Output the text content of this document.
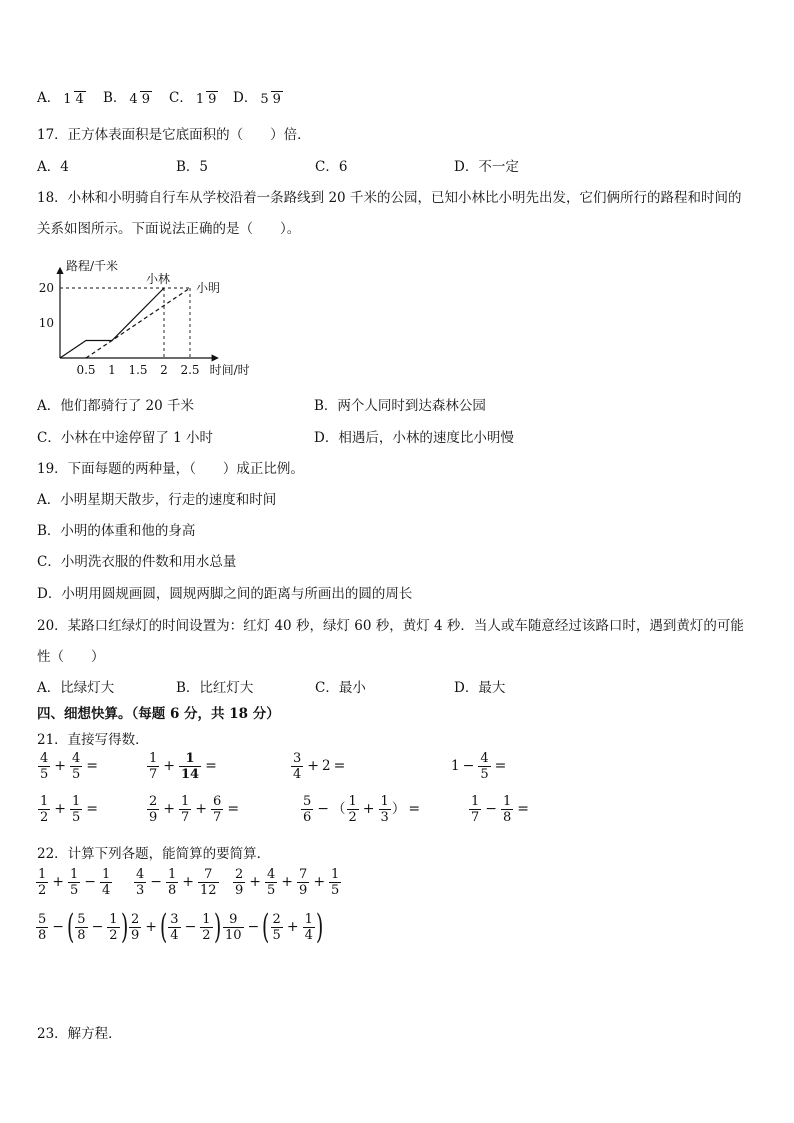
A． 1 4	B． 4 9	C． 1 9	D． 5 9
17．正方体表面积是它底面积的（　　）倍．
A．4	B．5	C．6	D．不一定
18．小林和小明骑自行车从学校沿着一条路线到 20 千米的公园，已知小林比小明先出发，它们俩所行的路程和时间的
关系如图所示。下面说法正确的是（　　）。
路程/千米
时间/时
0.5 1 1.5 2 2.5
10
20
小林
小明
A．他们都骑行了 20 千米	B．两个人同时到达森林公园
C．小林在中途停留了 1 小时	D．相遇后，小林的速度比小明慢
19．下面每题的两种量，（　　）成正比例。
A．小明星期天散步，行走的速度和时间
B．小明的体重和他的身高
C．小明洗衣服的件数和用水总量
D．小明用圆规画圆，圆规两脚之间的距离与所画出的圆的周长
20．某路口红绿灯的时间设置为：红灯 40 秒，绿灯 60 秒，黄灯 4 秒．当人或车随意经过该路口时，遇到黄灯的可能
性（　　）
A．比绿灯大	B．比红灯大	C．最小	D．最大
四、细想快算。（每题 6 分，共 18 分）
21．直接写得数．
$\frac{4}{5} + \frac{4}{5}$ =	$\frac{1}{7} + \frac{1}{14}$ =	$\frac{3}{4} + 2$ =	$1 - \frac{4}{5}$ =
$\frac{1}{2} + \frac{1}{5}$ =	$\frac{2}{9} + \frac{1}{7} + \frac{6}{7}$ =	$\frac{5}{6}$ − （ $\frac{1}{2} + \frac{1}{3}$ ） =	$\frac{1}{7} - \frac{1}{8}$ =
22．计算下列各题，能简算的要简算．
$\frac{1}{2} + \frac{1}{5} - \frac{1}{4} \frac{4}{3} - \frac{1}{8} + \frac{7}{12} \frac{2}{9} + \frac{4}{5} + \frac{7}{9} + \frac{1}{5}$
$\frac{5}{8}$ −( $\frac{5}{8} - \frac{1}{2}$ ) $\frac{2}{9}$ +( $\frac{3}{4} - \frac{1}{2}$ ) $\frac{9}{10}$ −( $\frac{2}{5} + \frac{1}{4}$ )
23．解方程．
